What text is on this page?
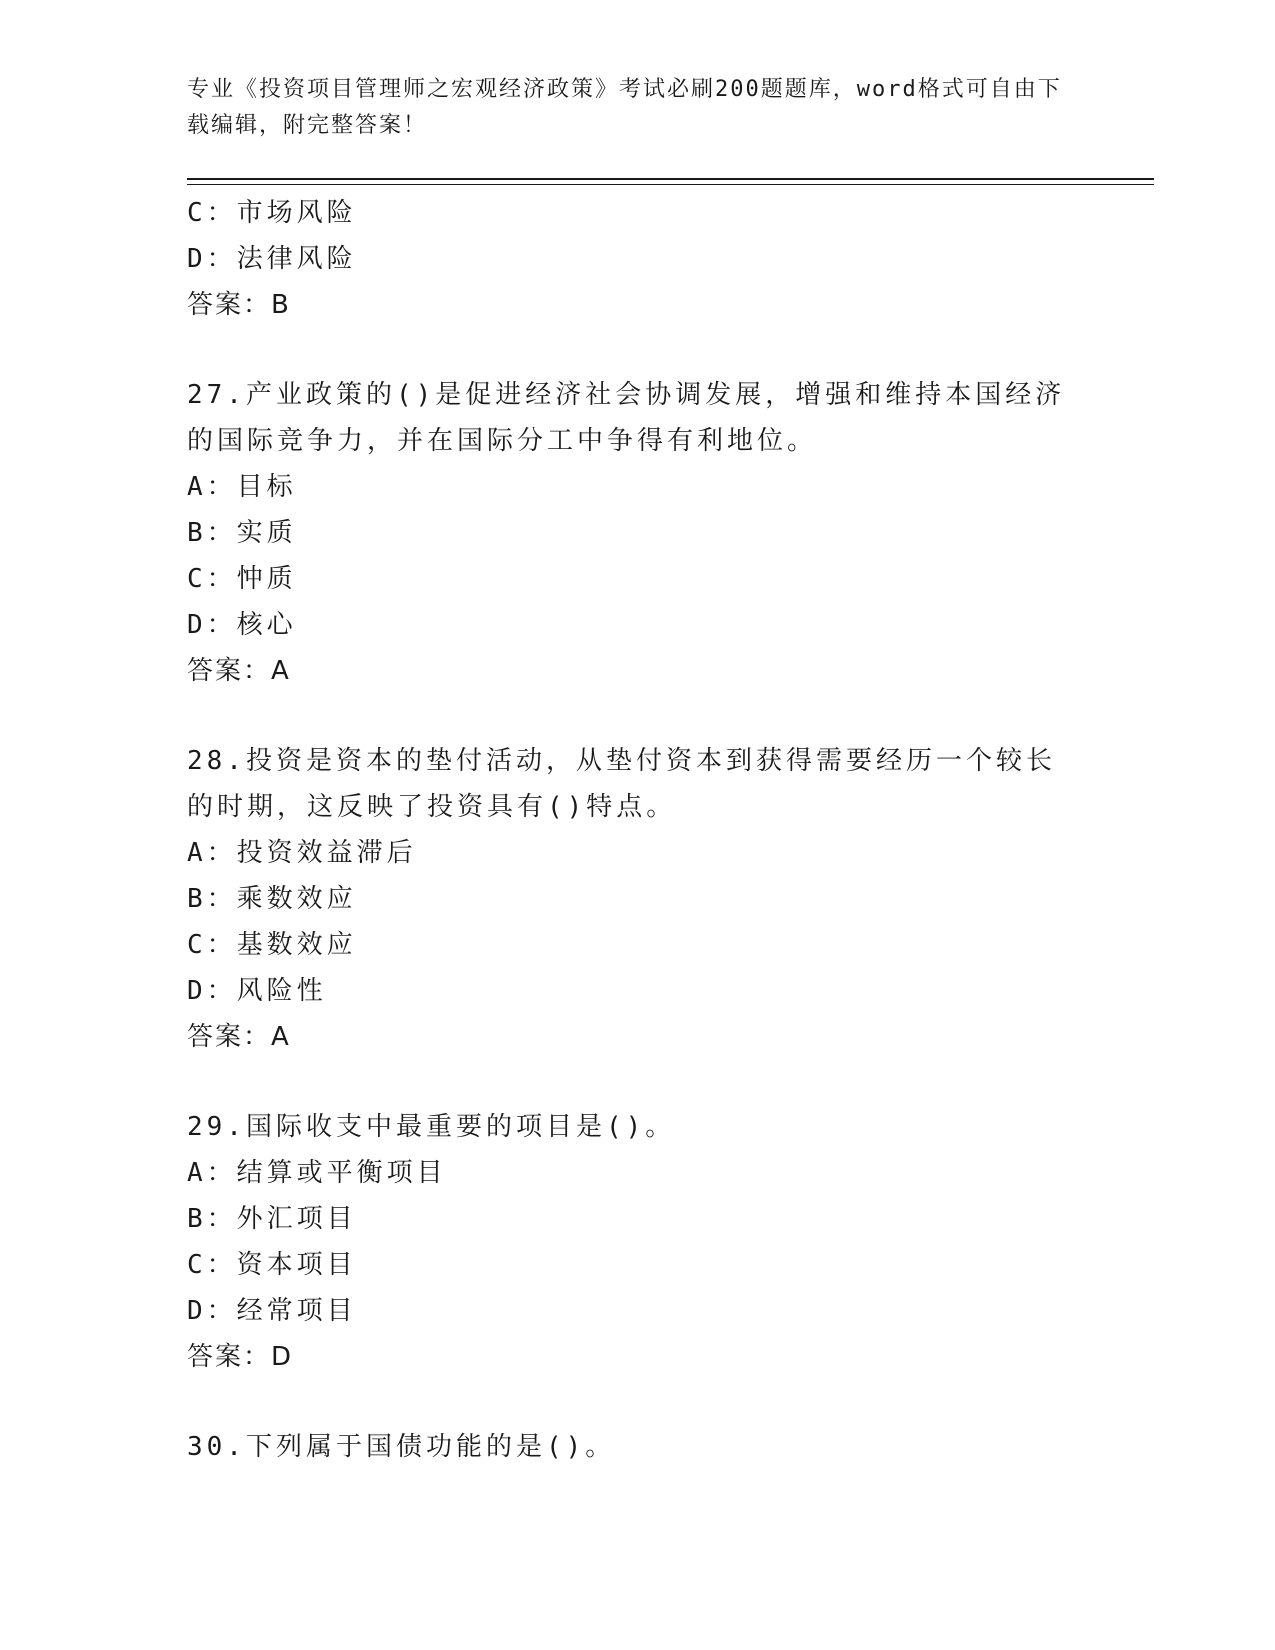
专业《投资项目管理师之宏观经济政策》考试必刷200题题库，word格式可自由下载编辑，附完整答案！
C：市场风险
D：法律风险
答案：B
27.产业政策的()是促进经济社会协调发展，增强和维持本国经济的国际竞争力，并在国际分工中争得有利地位。
A：目标
B：实质
C：忡质
D：核心
答案：A
28.投资是资本的垫付活动，从垫付资本到获得需要经历一个较长的时期，这反映了投资具有()特点。
A：投资效益滞后
B：乘数效应
C：基数效应
D：风险性
答案：A
29.国际收支中最重要的项目是()。
A：结算或平衡项目
B：外汇项目
C：资本项目
D：经常项目
答案：D
30.下列属于国债功能的是()。
